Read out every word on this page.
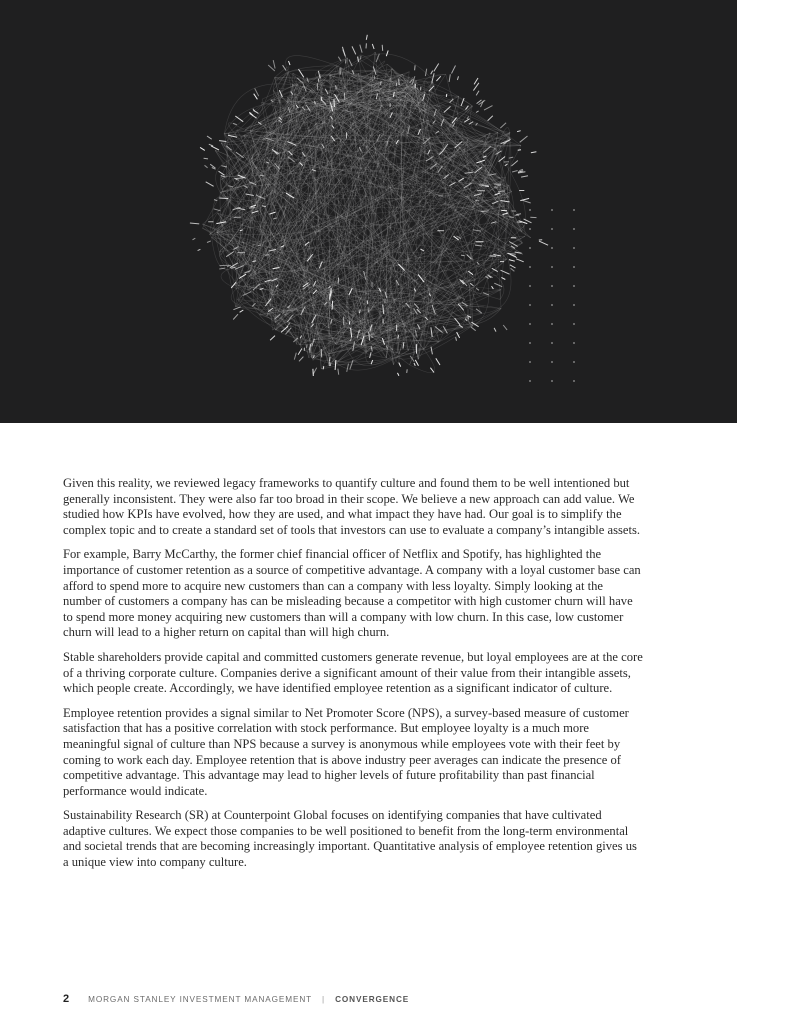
Given this reality, we reviewed legacy frameworks to quantify culture and found them to be well intentioned but generally inconsistent. They were also far too broad in their scope. We believe a new approach can add value. We studied how KPIs have evolved, how they are used, and what impact they have had. Our goal is to simplify the complex topic and to create a standard set of tools that investors can use to evaluate a company’s intangible assets.

For example, Barry McCarthy, the former chief financial officer of Netflix and Spotify, has highlighted the importance of customer retention as a source of competitive advantage. A company with a loyal customer base can afford to spend more to acquire new customers than can a company with less loyalty. Simply looking at the number of customers a company has can be misleading because a competitor with high customer churn will have to spend more money acquiring new customers than will a company with low churn. In this case, low customer churn will lead to a higher return on capital than will high churn.

Stable shareholders provide capital and committed customers generate revenue, but loyal employees are at the core of a thriving corporate culture. Companies derive a significant amount of their value from their intangible assets, which people create. Accordingly, we have identified employee retention as a significant indicator of culture.

Employee retention provides a signal similar to Net Promoter Score (NPS), a survey-based measure of customer satisfaction that has a positive correlation with stock performance. But employee loyalty is a much more meaningful signal of culture than NPS because a survey is anonymous while employees vote with their feet by coming to work each day. Employee retention that is above industry peer averages can indicate the presence of competitive advantage. This advantage may lead to higher levels of future profitability than past financial performance would indicate.

Sustainability Research (SR) at Counterpoint Global focuses on identifying companies that have cultivated adaptive cultures. We expect those companies to be well positioned to benefit from the long-term environmental and societal trends that are becoming increasingly important. Quantitative analysis of employee retention gives us a unique view into company culture.

2 MORGAN STANLEY INVESTMENT MANAGEMENT | CONVERGENCE
